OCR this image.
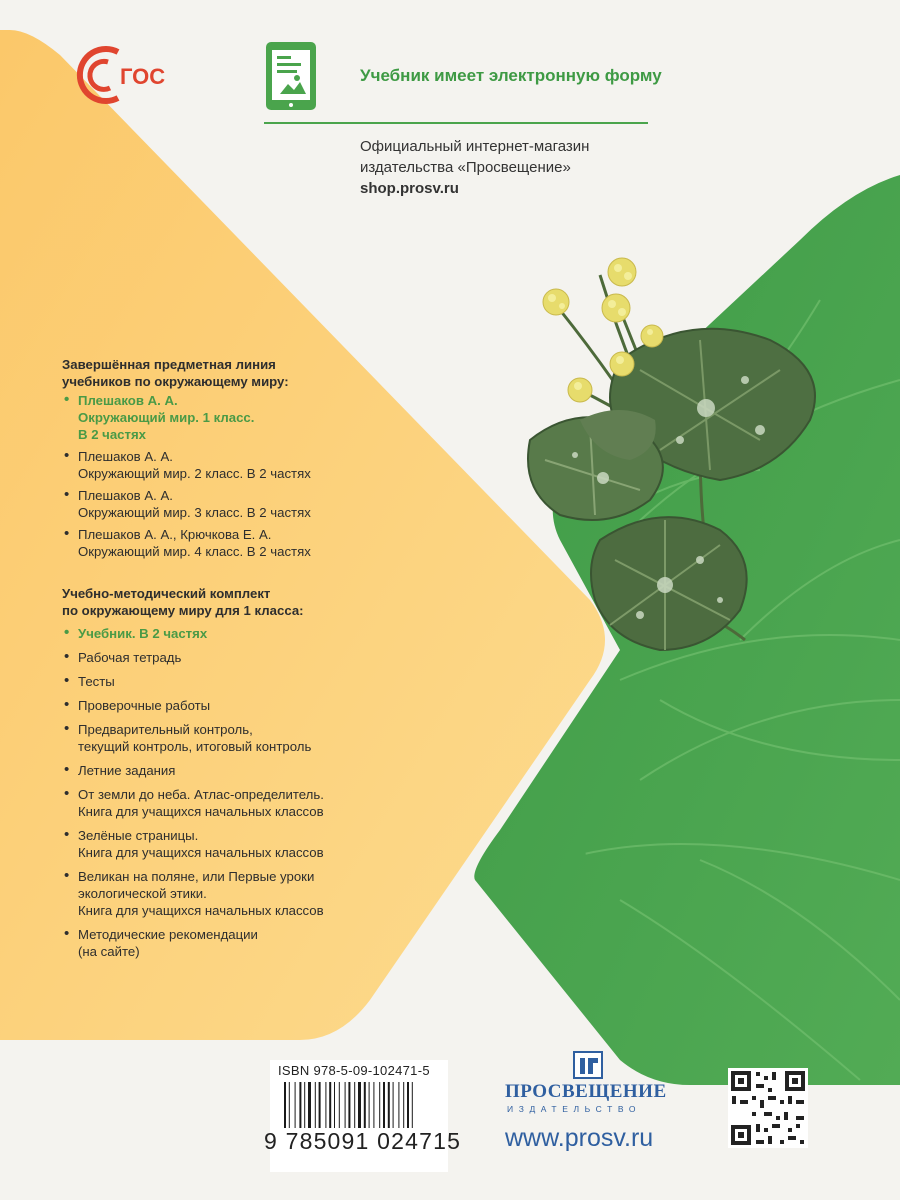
ГОС	Учебник имеет электронную форму
Официальный интернет-магазин
издательства «Просвещение»
shop.prosv.ru
Завершённая предметная линия
учебников по окружающему миру:
• Плешаков А. А.
Окружающий мир. 1 класс.
В 2 частях
• Плешаков А. А.
Окружающий мир. 2 класс. В 2 частях
• Плешаков А. А.
Окружающий мир. 3 класс. В 2 частях
• Плешаков А. А., Крючкова Е. А.
Окружающий мир. 4 класс. В 2 частях
Учебно-методический комплект
по окружающему миру для 1 класса:
• Учебник. В 2 частях
• Рабочая тетрадь
• Тесты
• Проверочные работы
• Предварительный контроль,
текущий контроль, итоговый контроль
• Летние задания
• От земли до неба. Атлас-определитель.
Книга для учащихся начальных классов
• Зелёные страницы.
Книга для учащихся начальных классов
• Великан на поляне, или Первые уроки
экологической этики.
Книга для учащихся начальных классов
• Методические рекомендации
(на сайте)
ISBN 978-5-09-102471-5
9 785091 024715
ПРОСВЕЩЕНИЕ
ИЗДАТЕЛЬСТВО
www.prosv.ru
